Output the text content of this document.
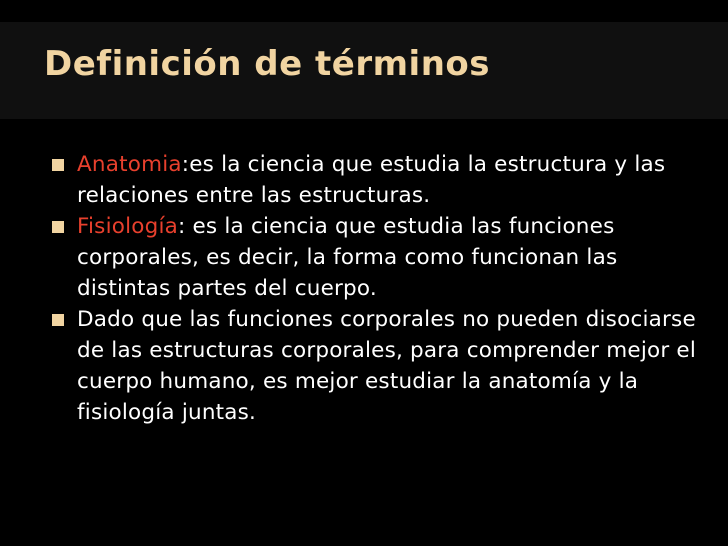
Definición de términos
Anatomia:es la ciencia que estudia la estructura y las relaciones entre las estructuras.
Fisiología: es la ciencia que estudia las funciones corporales, es decir, la forma como funcionan las distintas partes del cuerpo.
Dado que las funciones corporales no pueden disociarse de las estructuras corporales, para comprender mejor el cuerpo humano, es mejor estudiar la anatomía y la fisiología juntas.
